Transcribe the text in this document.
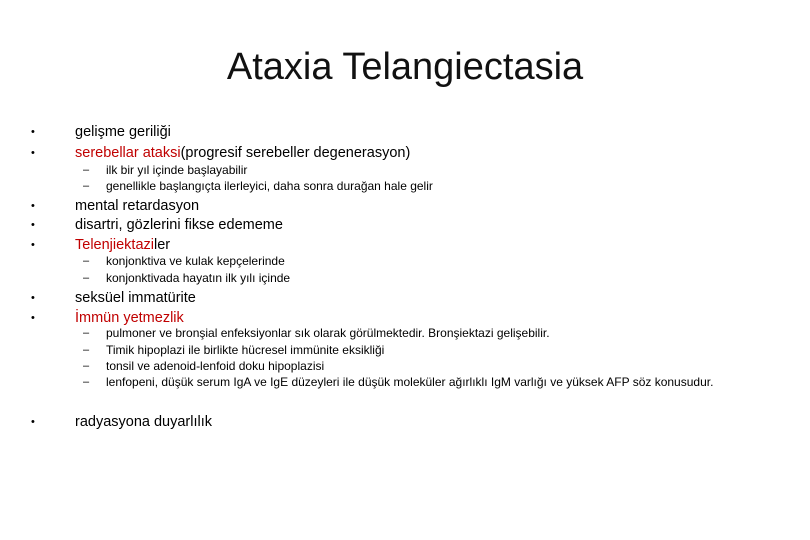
Ataxia Telangiectasia
•	gelişme geriliği
•	serebellar ataksi(progresif serebeller degenerasyon)
– ilk bir yıl içinde başlayabilir
– genellikle başlangıçta ilerleyici, daha sonra durağan hale gelir
•	mental retardasyon
•	disartri, gözlerini fikse edememe
•	Telenjiektaziler
– konjonktiva ve kulak kepçelerinde
– konjonktivada hayatın ilk yılı içinde
•	seksüel immatürite
•	İmmün yetmezlik
– pulmoner ve bronşial enfeksiyonlar sık olarak görülmektedir. Bronşiektazi gelişebilir.
– Timik hipoplazi ile birlikte hücresel immünite eksikliği
– tonsil ve adenoid-lenfoid doku hipoplazisi
– lenfopeni, düşük serum IgA ve IgE düzeyleri ile düşük moleküler ağırlıklı IgM varlığı ve yüksek AFP söz konusudur.
•	radyasyona duyarlılık
